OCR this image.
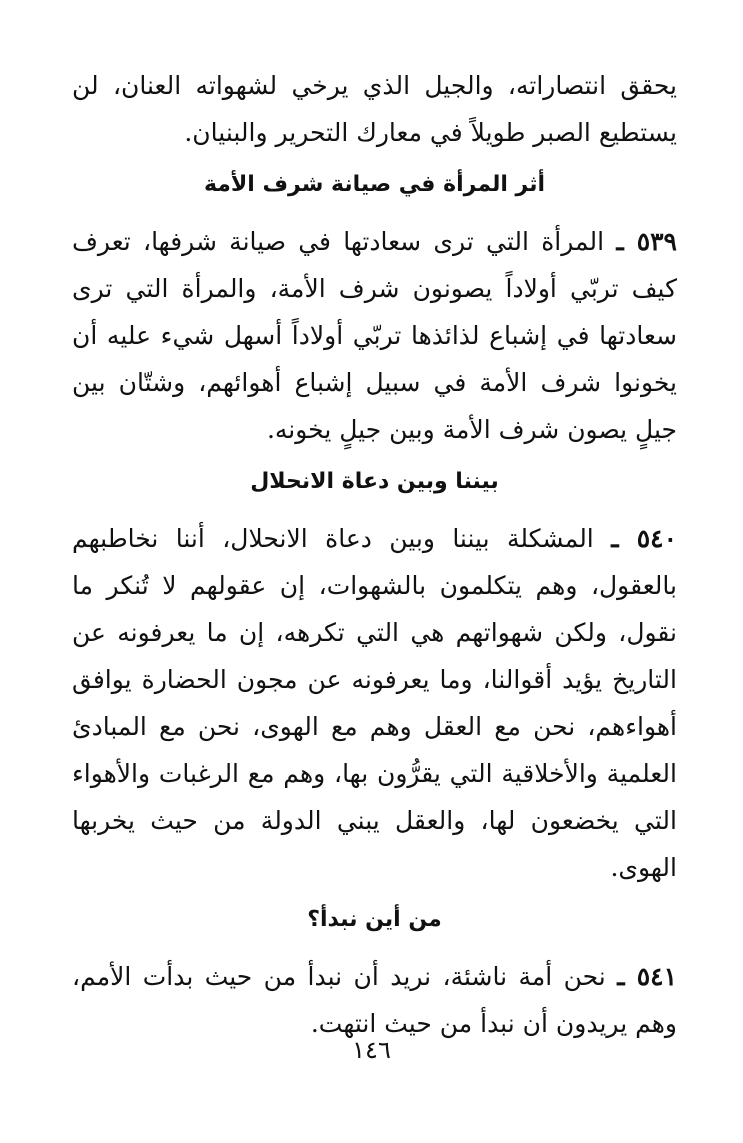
يحقق انتصاراته، والجيل الذي يرخي لشهواته العنان، لن يستطيع الصبر طويلاً في معارك التحرير والبنيان.

أثر المرأة في صيانة شرف الأمة

٥٣٩ ـ المرأة التي ترى سعادتها في صيانة شرفها، تعرف كيف تربّي أولاداً يصونون شرف الأمة، والمرأة التي ترى سعادتها في إشباع لذائذها تربّي أولاداً أسهل شيء عليه أن يخونوا شرف الأمة في سبيل إشباع أهوائهم، وشتّان بين جيلٍ يصون شرف الأمة وبين جيلٍ يخونه.

بيننا وبين دعاة الانحلال

٥٤٠ ـ المشكلة بيننا وبين دعاة الانحلال، أننا نخاطبهم بالعقول، وهم يتكلمون بالشهوات، إن عقولهم لا تُنكر ما نقول، ولكن شهواتهم هي التي تكرهه، إن ما يعرفونه عن التاريخ يؤيد أقوالنا، وما يعرفونه عن مجون الحضارة يوافق أهواءهم، نحن مع العقل وهم مع الهوى، نحن مع المبادئ العلمية والأخلاقية التي يقرُّون بها، وهم مع الرغبات والأهواء التي يخضعون لها، والعقل يبني الدولة من حيث يخربها الهوى.

من أين نبدأ؟

٥٤١ ـ نحن أمة ناشئة، نريد أن نبدأ من حيث بدأت الأمم، وهم يريدون أن نبدأ من حيث انتهت.

١٤٦
